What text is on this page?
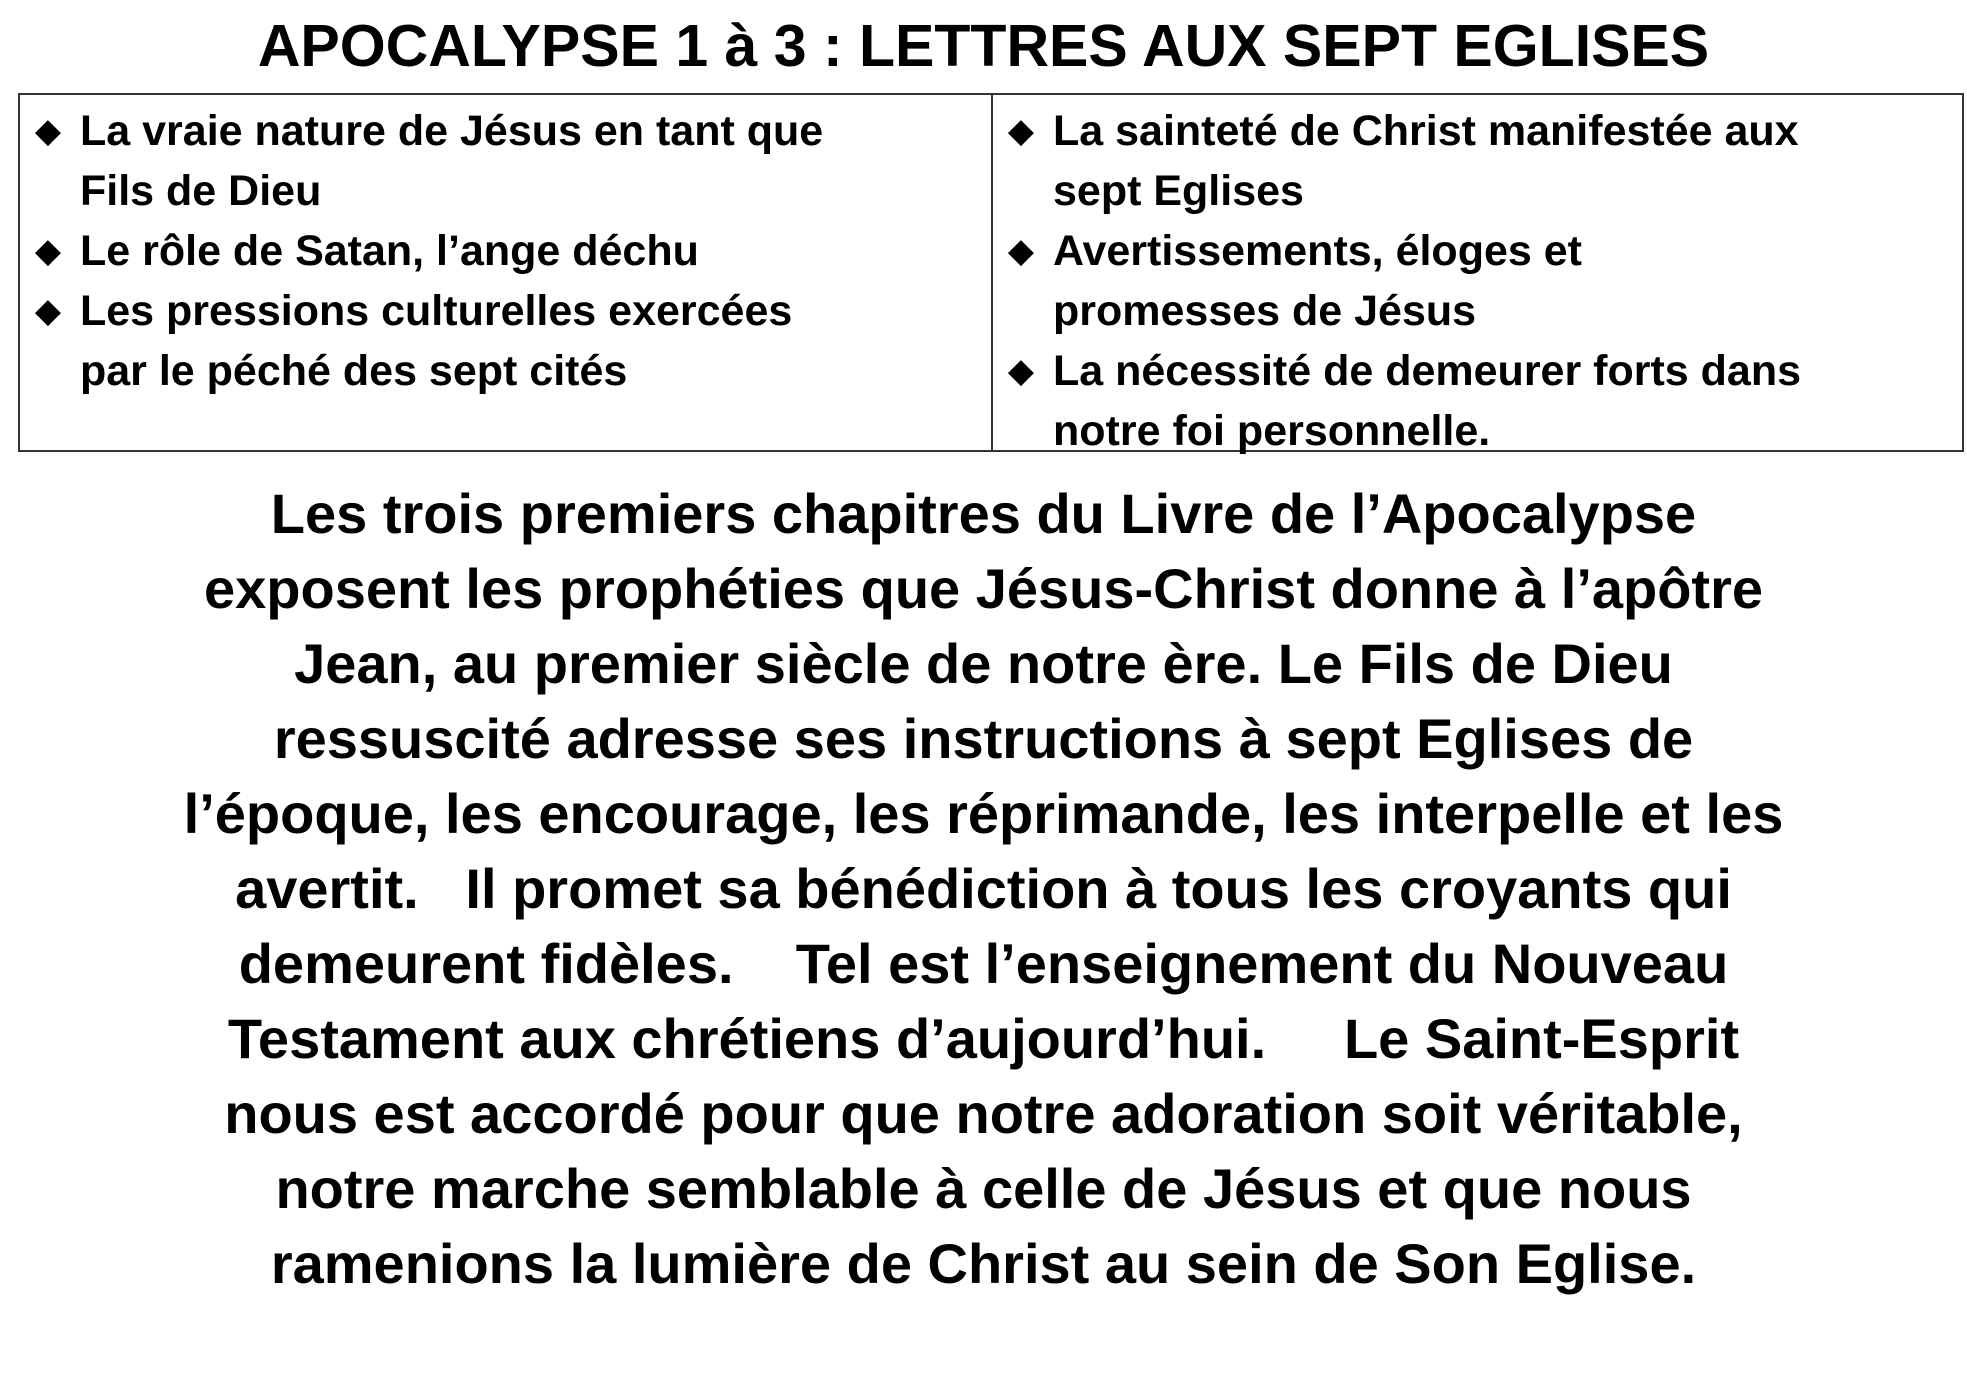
APOCALYPSE 1 à 3 : LETTRES AUX SEPT EGLISES
◆ La vraie nature de Jésus en tant que
Fils de Dieu
◆ Le rôle de Satan, l’ange déchu
◆ Les pressions culturelles exercées
par le péché des sept cités
◆ La sainteté de Christ manifestée aux
sept Eglises
◆ Avertissements, éloges et
promesses de Jésus
◆ La nécessité de demeurer forts dans
notre foi personnelle.

Les trois premiers chapitres du Livre de l’Apocalypse
exposent les prophéties que Jésus-Christ donne à l’apôtre
Jean, au premier siècle de notre ère. Le Fils de Dieu
ressuscité adresse ses instructions à sept Eglises de
l’époque, les encourage, les réprimande, les interpelle et les
avertit.   Il promet sa bénédiction à tous les croyants qui
demeurent fidèles.    Tel est l’enseignement du Nouveau
Testament aux chrétiens d’aujourd’hui.     Le Saint-Esprit
nous est accordé pour que notre adoration soit véritable,
notre marche semblable à celle de Jésus et que nous
ramenions la lumière de Christ au sein de Son Eglise.
